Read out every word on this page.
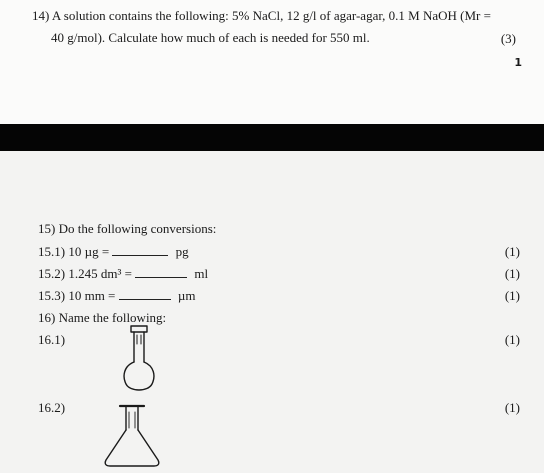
14) A solution contains the following: 5% NaCl, 12 g/l of agar-agar, 0.1 M NaOH (Mr =
40 g/mol). Calculate how much of each is needed for 550 ml.	(3)
1
15) Do the following conversions:
15.1) 10 µg =	pg	(1)
15.2) 1.245 dm³ =	ml	(1)
15.3) 10 mm =	µm	(1)
16) Name the following:
16.1)	(1)
16.2)	(1)
